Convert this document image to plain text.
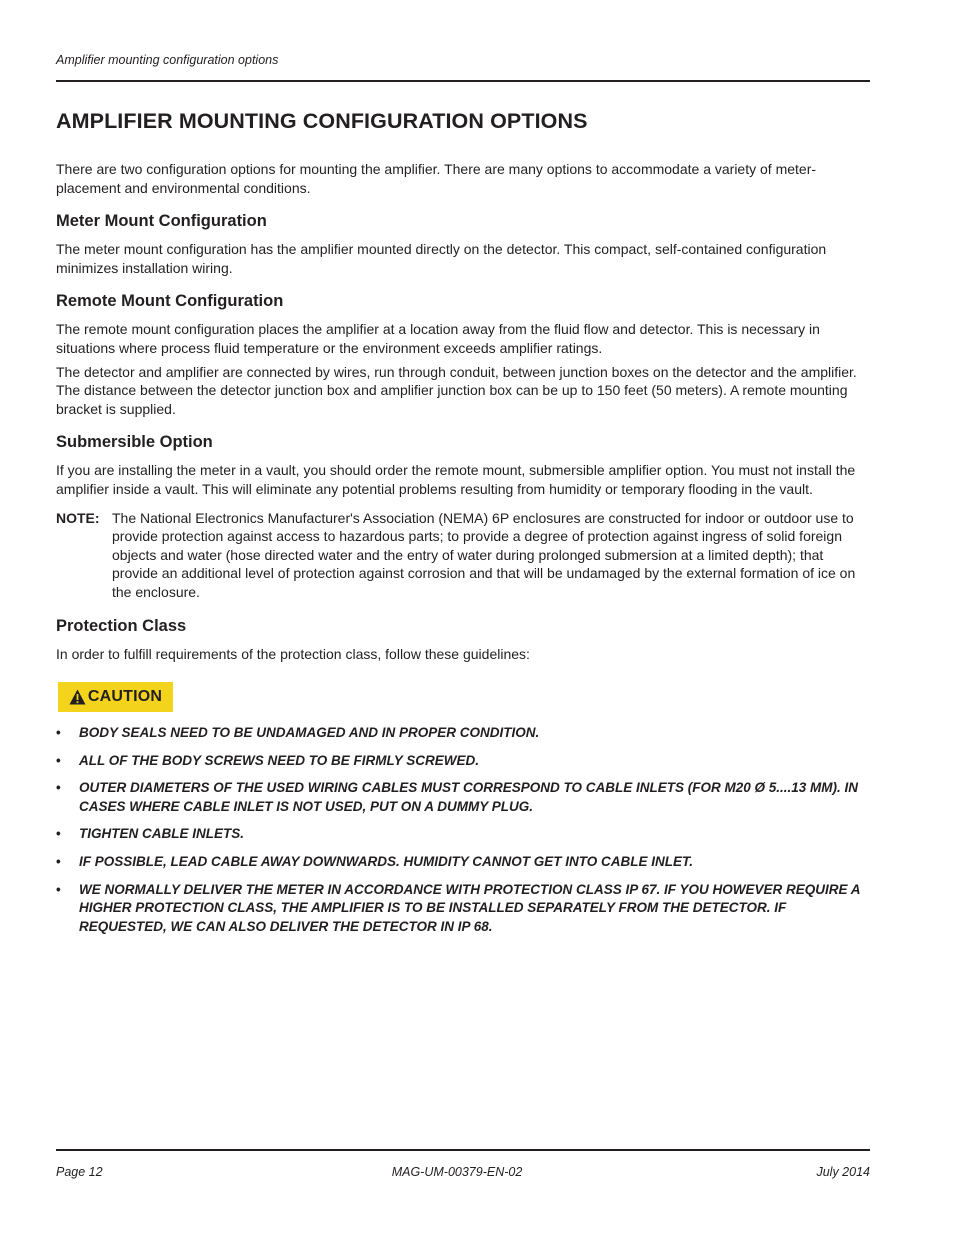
Amplifier mounting configuration options
AMPLIFIER MOUNTING CONFIGURATION OPTIONS

There are two configuration options for mounting the amplifier. There are many options to accommodate a variety of meter-placement and environmental conditions.

Meter Mount Configuration

The meter mount configuration has the amplifier mounted directly on the detector. This compact, self-contained configuration minimizes installation wiring.

Remote Mount Configuration

The remote mount configuration places the amplifier at a location away from the fluid flow and detector. This is necessary in situations where process fluid temperature or the environment exceeds amplifier ratings.

The detector and amplifier are connected by wires, run through conduit, between junction boxes on the detector and the amplifier. The distance between the detector junction box and amplifier junction box can be up to 150 feet (50 meters). A remote mounting bracket is supplied.

Submersible Option

If you are installing the meter in a vault, you should order the remote mount, submersible amplifier option. You must not install the amplifier inside a vault. This will eliminate any potential problems resulting from humidity or temporary flooding in the vault.

NOTE: The National Electronics Manufacturer's Association (NEMA) 6P enclosures are constructed for indoor or outdoor use to provide protection against access to hazardous parts; to provide a degree of protection against ingress of solid foreign objects and water (hose directed water and the entry of water during prolonged submersion at a limited depth); that provide an additional level of protection against corrosion and that will be undamaged by the external formation of ice on the enclosure.
Protection Class

In order to fulfill requirements of the protection class, follow these guidelines:

CAUTION
• BODY SEALS NEED TO BE UNDAMAGED AND IN PROPER CONDITION.
• ALL OF THE BODY SCREWS NEED TO BE FIRMLY SCREWED.
• OUTER DIAMETERS OF THE USED WIRING CABLES MUST CORRESPOND TO CABLE INLETS (FOR M20 Ø 5....13 MM). IN CASES WHERE CABLE INLET IS NOT USED, PUT ON A DUMMY PLUG.
• TIGHTEN CABLE INLETS.
• IF POSSIBLE, LEAD CABLE AWAY DOWNWARDS. HUMIDITY CANNOT GET INTO CABLE INLET.
• WE NORMALLY DELIVER THE METER IN ACCORDANCE WITH PROTECTION CLASS IP 67. IF YOU HOWEVER REQUIRE A HIGHER PROTECTION CLASS, THE AMPLIFIER IS TO BE INSTALLED SEPARATELY FROM THE DETECTOR. IF REQUESTED, WE CAN ALSO DELIVER THE DETECTOR IN IP 68.
Page 12	MAG-UM-00379-EN-02	July 2014
